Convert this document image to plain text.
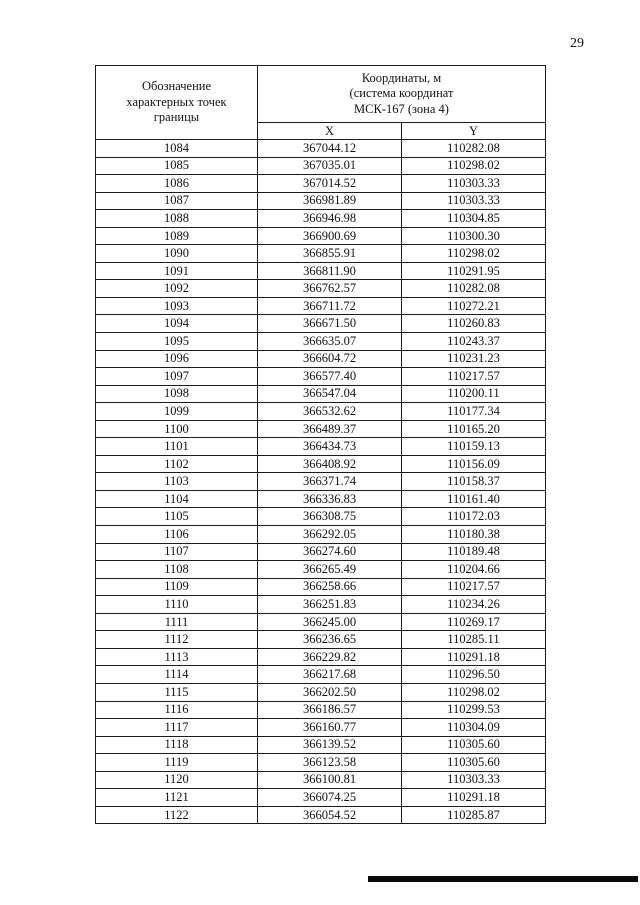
29
Обозначение характерных точек границы	Координаты, м
(система координат
МСК-167 (зона 4)	

	X	Y
1084	367044.12	110282.08
1085	367035.01	110298.02
1086	367014.52	110303.33
1087	366981.89	110303.33
1088	366946.98	110304.85
1089	366900.69	110300.30
1090	366855.91	110298.02
1091	366811.90	110291.95
1092	366762.57	110282.08
1093	366711.72	110272.21
1094	366671.50	110260.83
1095	366635.07	110243.37
1096	366604.72	110231.23
1097	366577.40	110217.57
1098	366547.04	110200.11
1099	366532.62	110177.34
1100	366489.37	110165.20
1101	366434.73	110159.13
1102	366408.92	110156.09
1103	366371.74	110158.37
1104	366336.83	110161.40
1105	366308.75	110172.03
1106	366292.05	110180.38
1107	366274.60	110189.48
1108	366265.49	110204.66
1109	366258.66	110217.57
1110	366251.83	110234.26
1111	366245.00	110269.17
1112	366236.65	110285.11
1113	366229.82	110291.18
1114	366217.68	110296.50
1115	366202.50	110298.02
1116	366186.57	110299.53
1117	366160.77	110304.09
1118	366139.52	110305.60
1119	366123.58	110305.60
1120	366100.81	110303.33
1121	366074.25	110291.18
1122	366054.52	110285.87
